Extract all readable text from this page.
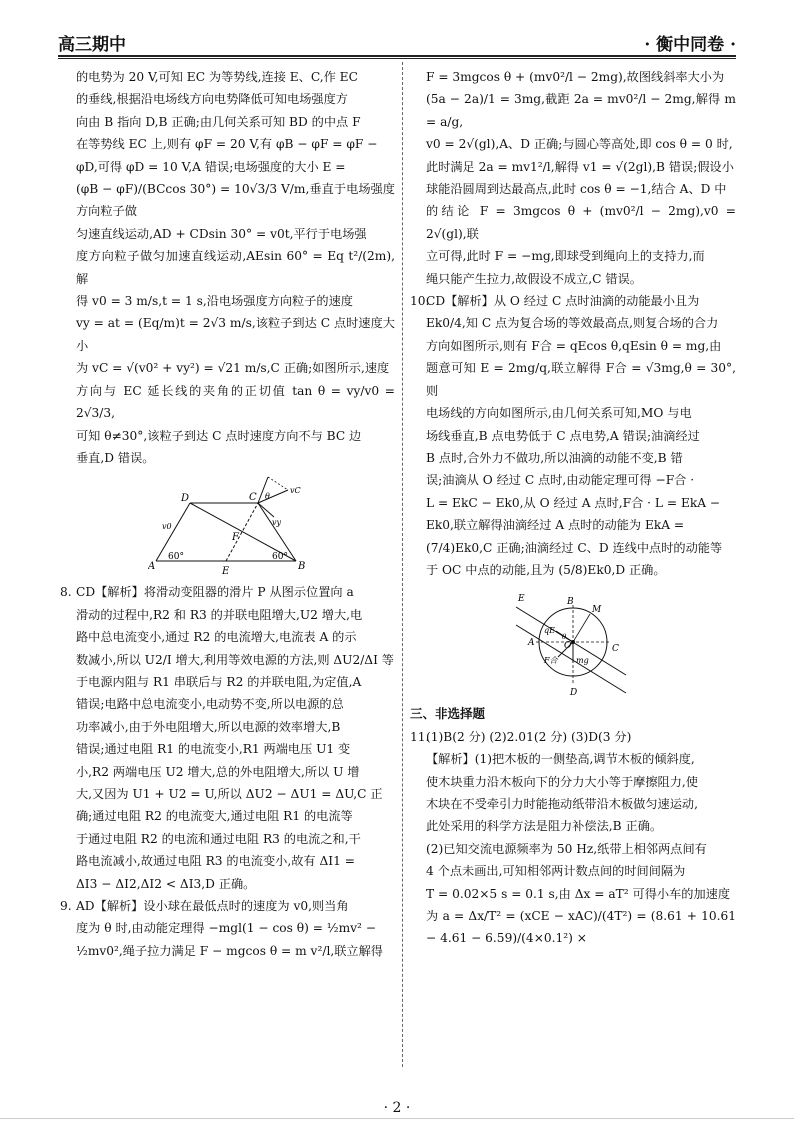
高三期中	· 衡中同卷 ·

的电势为 20 V,可知 EC 为等势线,连接 E、C,作 EC

的垂线,根据沿电场线方向电势降低可知电场强度方

向由 B 指向 D,B 正确;由几何关系可知 BD 的中点 F

在等势线 EC 上,则有 φF = 20 V,有 φB − φF = φF −

φD,可得 φD = 10 V,A 错误;电场强度的大小 E =

(φB − φF)/(BCcos 30°) = 10√3/3 V/m,垂直于电场强度方向粒子做

匀速直线运动,AD + CDsin 30° = v0t,平行于电场强

度方向粒子做匀加速直线运动,AEsin 60° = Eq t²/(2m),解

得 v0 = 3 m/s,t = 1 s,沿电场强度方向粒子的速度

vy = at = (Eq/m)t = 2√3 m/s,该粒子到达 C 点时速度大小

为 vC = √(v0² + vy²) = √21 m/s,C 正确;如图所示,速度

方向与 EC 延长线的夹角的正切值 tan θ = vy/v0 = 2√3/3,

可知 θ≠30°,该粒子到达 C 点时速度方向不与 BC 边

垂直,D 错误。

D	C
A	B
E
F
v0
vC
vy
θ
60°	60°

8. CD【解析】将滑动变阻器的滑片 P 从图示位置向 a

滑动的过程中,R2 和 R3 的并联电阻增大,U2 增大,电

路中总电流变小,通过 R2 的电流增大,电流表 A 的示

数减小,所以 U2/I 增大,利用等效电源的方法,则 ΔU2/ΔI 等

于电源内阻与 R1 串联后与 R2 的并联电阻,为定值,A

错误;电路中总电流变小,电动势不变,所以电源的总

功率减小,由于外电阻增大,所以电源的效率增大,B

错误;通过电阻 R1 的电流变小,R1 两端电压 U1 变

小,R2 两端电压 U2 增大,总的外电阻增大,所以 U 增

大,又因为 U1 + U2 = U,所以 ΔU2 − ΔU1 = ΔU,C 正

确;通过电阻 R2 的电流变大,通过电阻 R1 的电流等

于通过电阻 R2 的电流和通过电阻 R3 的电流之和,干

路电流减小,故通过电阻 R3 的电流变小,故有 ΔI1 =

ΔI3 − ΔI2,ΔI2 < ΔI3,D 正确。

9. AD【解析】设小球在最低点时的速度为 v0,则当角

度为 θ 时,由动能定理得 −mgl(1 − cos θ) = ½mv² −

½mv0²,绳子拉力满足 F − mgcos θ = m v²/l,联立解得

F = 3mgcos θ + (mv0²/l − 2mg),故图线斜率大小为

(5a − 2a)/1 = 3mg,截距 2a = mv0²/l − 2mg,解得 m = a/g,

v0 = 2√(gl),A、D 正确;与圆心等高处,即 cos θ = 0 时,

此时满足 2a = mv1²/l,解得 v1 = √(2gl),B 错误;假设小

球能沿圆周到达最高点,此时 cos θ = −1,结合 A、D 中

的结论 F = 3mgcos θ + (mv0²/l − 2mg),v0 = 2√(gl),联

立可得,此时 F = −mg,即球受到绳向上的支持力,而

绳只能产生拉力,故假设不成立,C 错误。

10.CD【解析】从 O 经过 C 点时油滴的动能最小且为

Ek0/4,知 C 点为复合场的等效最高点,则复合场的合力

方向如图所示,则有 F合 = qEcos θ,qEsin θ = mg,由

题意可知 E = 2mg/q,联立解得 F合 = √3mg,θ = 30°,则

电场线的方向如图所示,由几何关系可知,MO 与电

场线垂直,B 点电势低于 C 点电势,A 错误;油滴经过

B 点时,合外力不做功,所以油滴的动能不变,B 错

误;油滴从 O 经过 C 点时,由动能定理可得 −F合 ·

L = EkC − Ek0,从 O 经过 A 点时,F合 · L = EkA −

Ek0,联立解得油滴经过 A 点时的动能为 EkA =

(7/4)Ek0,C 正确;油滴经过 C、D 连线中点时的动能等

于 OC 中点的动能,且为 (5/8)Ek0,D 正确。

E	B
M
A	O	C
D
qE
F合 mg
θ

三、非选择题

11.(1)B(2 分) (2)2.01(2 分) (3)D(3 分)

【解析】(1)把木板的一侧垫高,调节木板的倾斜度,

使木块重力沿木板向下的分力大小等于摩擦阻力,使

木块在不受牵引力时能拖动纸带沿木板做匀速运动,

此处采用的科学方法是阻力补偿法,B 正确。

(2)已知交流电源频率为 50 Hz,纸带上相邻两点间有

4 个点未画出,可知相邻两计数点间的时间间隔为

T = 0.02×5 s = 0.1 s,由 Δx = aT² 可得小车的加速度

为 a = Δx/T² = (xCE − xAC)/(4T²) = (8.61 + 10.61 − 4.61 − 6.59)/(4×0.1²) ×

· 2 ·
